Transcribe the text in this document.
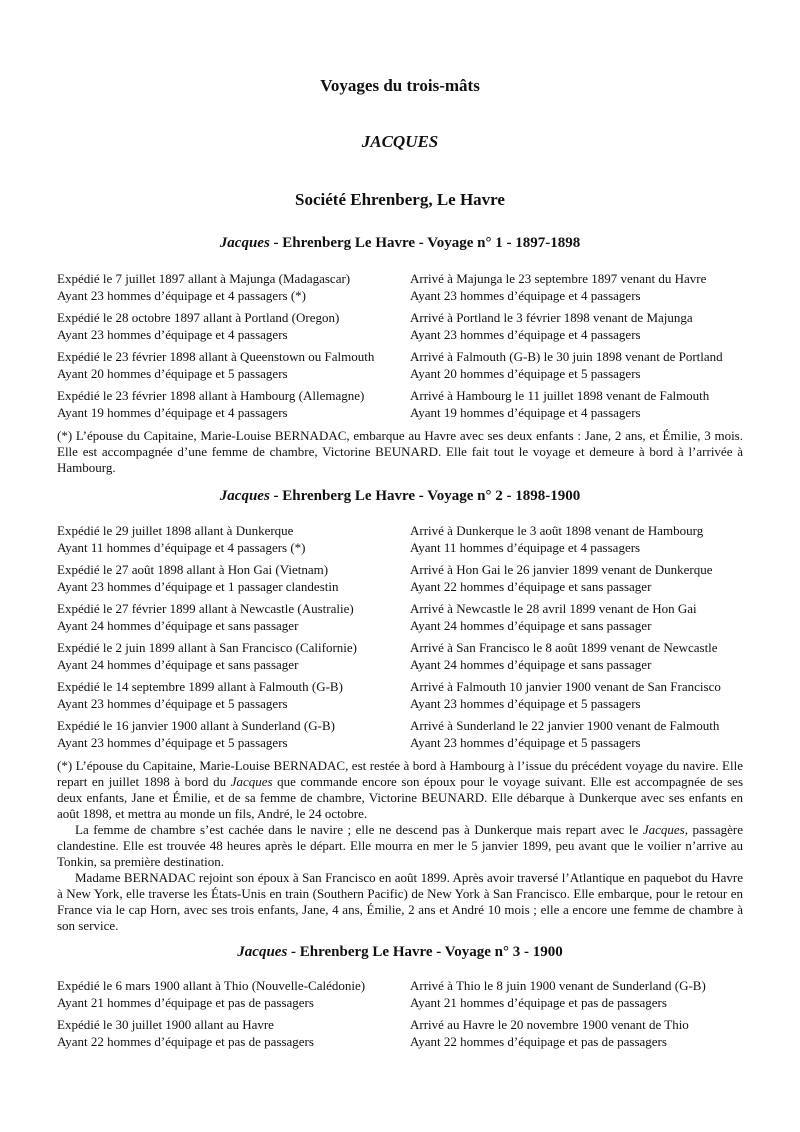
Voyages du trois-mâts
JACQUES
Société Ehrenberg, Le Havre
Jacques - Ehrenberg Le Havre - Voyage n° 1 - 1897-1898
Expédié le 7 juillet 1897 allant à Majunga (Madagascar)
Ayant 23 hommes d’équipage et 4 passagers (*)
Arrivé à Majunga le 23 septembre 1897 venant du Havre
Ayant 23 hommes d’équipage et 4 passagers
Expédié le 28 octobre 1897 allant à Portland (Oregon)
Ayant 23 hommes d’équipage et 4 passagers
Arrivé à Portland le 3 février 1898 venant de Majunga
Ayant 23 hommes d’équipage et 4 passagers
Expédié le 23 février 1898 allant à Queenstown ou Falmouth
Ayant 20 hommes d’équipage et 5 passagers
Arrivé à Falmouth (G-B) le 30 juin 1898 venant de Portland
Ayant 20 hommes d’équipage et 5 passagers
Expédié le 23 février 1898 allant à Hambourg (Allemagne)
Ayant 19 hommes d’équipage et 4 passagers
Arrivé à Hambourg le 11 juillet 1898 venant de Falmouth
Ayant 19 hommes d’équipage et 4 passagers

(*) L’épouse du Capitaine, Marie-Louise BERNADAC, embarque au Havre avec ses deux enfants : Jane, 2 ans, et Émilie, 3 mois. Elle est accompagnée d’une femme de chambre, Victorine BEUNARD. Elle fait tout le voyage et demeure à bord à l’arrivée à Hambourg.

Jacques - Ehrenberg Le Havre - Voyage n° 2 - 1898-1900
Expédié le 29 juillet 1898 allant à Dunkerque
Ayant 11 hommes d’équipage et 4 passagers (*)
Arrivé à Dunkerque le 3 août 1898 venant de Hambourg
Ayant 11 hommes d’équipage et 4 passagers
Expédié le 27 août 1898 allant à Hon Gai (Vietnam)
Ayant 23 hommes d’équipage et 1 passager clandestin
Arrivé à Hon Gai le 26 janvier 1899 venant de Dunkerque
Ayant 22 hommes d’équipage et sans passager
Expédié le 27 février 1899 allant à Newcastle (Australie)
Ayant 24 hommes d’équipage et sans passager
Arrivé à Newcastle le 28 avril 1899 venant de Hon Gai
Ayant 24 hommes d’équipage et sans passager
Expédié le 2 juin 1899 allant à San Francisco (Californie)
Ayant 24 hommes d’équipage et sans passager
Arrivé à San Francisco le 8 août 1899 venant de Newcastle
Ayant 24 hommes d’équipage et sans passager
Expédié le 14 septembre 1899 allant à Falmouth (G-B)
Ayant 23 hommes d’équipage et 5 passagers
Arrivé à Falmouth 10 janvier 1900 venant de San Francisco
Ayant 23 hommes d’équipage et 5 passagers
Expédié le 16 janvier 1900 allant à Sunderland (G-B)
Ayant 23 hommes d’équipage et 5 passagers
Arrivé à Sunderland le 22 janvier 1900 venant de Falmouth
Ayant 23 hommes d’équipage et 5 passagers

(*) L’épouse du Capitaine, Marie-Louise BERNADAC, est restée à bord à Hambourg à l’issue du précédent voyage du navire. Elle repart en juillet 1898 à bord du Jacques que commande encore son époux pour le voyage suivant. Elle est accompagnée de ses deux enfants, Jane et Émilie, et de sa femme de chambre, Victorine BEUNARD. Elle débarque à Dunkerque avec ses enfants en août 1898, et mettra au monde un fils, André, le 24 octobre.

La femme de chambre s’est cachée dans le navire ; elle ne descend pas à Dunkerque mais repart avec le Jacques, passagère clandestine. Elle est trouvée 48 heures après le départ. Elle mourra en mer le 5 janvier 1899, peu avant que le voilier n’arrive au Tonkin, sa première destination.

Madame BERNADAC rejoint son époux à San Francisco en août 1899. Après avoir traversé l’Atlantique en paquebot du Havre à New York, elle traverse les États-Unis en train (Southern Pacific) de New York à San Francisco. Elle embarque, pour le retour en France via le cap Horn, avec ses trois enfants, Jane, 4 ans, Émilie, 2 ans et André 10 mois ; elle a encore une femme de chambre à son service.

Jacques - Ehrenberg Le Havre - Voyage n° 3 - 1900
Expédié le 6 mars 1900 allant à Thio (Nouvelle-Calédonie)
Ayant 21 hommes d’équipage et pas de passagers
Arrivé à Thio le 8 juin 1900 venant de Sunderland (G-B)
Ayant 21 hommes d’équipage et pas de passagers
Expédié le 30 juillet 1900 allant au Havre
Ayant 22 hommes d’équipage et pas de passagers
Arrivé au Havre le 20 novembre 1900 venant de Thio
Ayant 22 hommes d’équipage et pas de passagers
